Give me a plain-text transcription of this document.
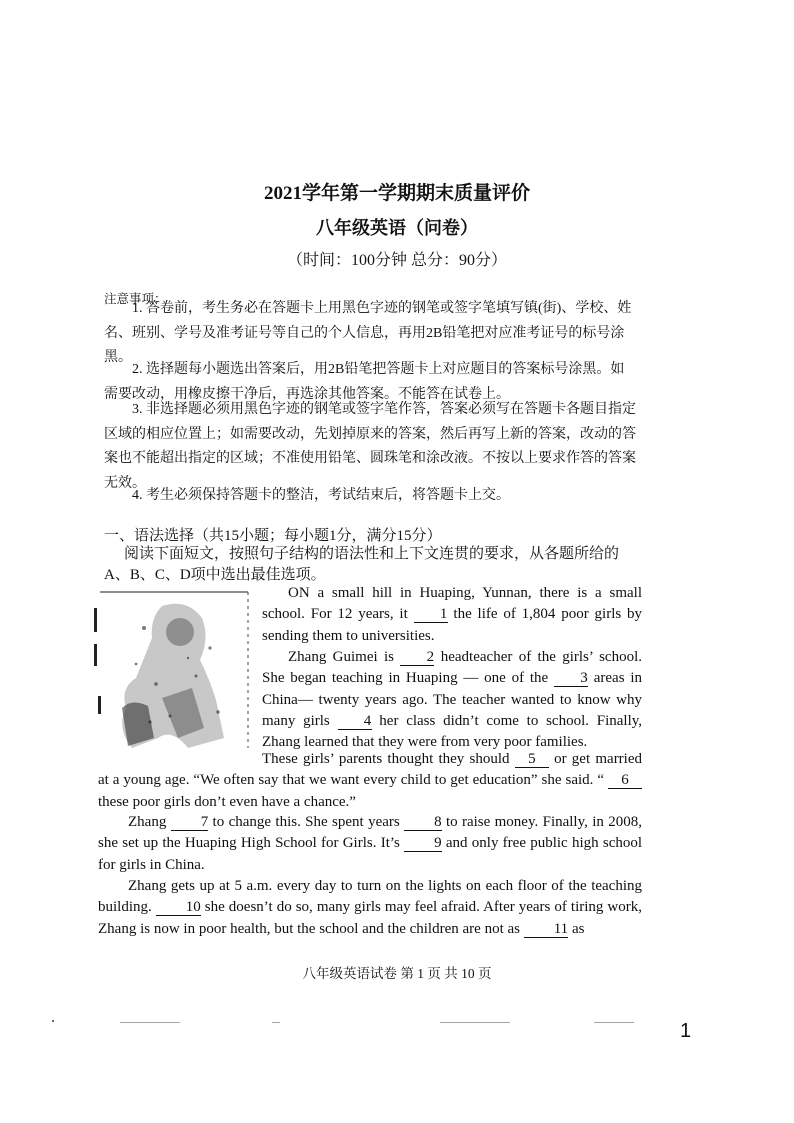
2021学年第一学期期末质量评价
八年级英语（问卷）
（时间：100分钟 总分：90分）
注意事项：
1. 答卷前，考生务必在答题卡上用黑色字迹的钢笔或签字笔填写镇(街)、学校、姓名、班别、学号及准考证号等自己的个人信息，再用2B铅笔把对应准考证号的标号涂黑。
2. 选择题每小题选出答案后，用2B铅笔把答题卡上对应题目的答案标号涂黑。如需要改动，用橡皮擦干净后，再选涂其他答案。不能答在试卷上。
3. 非选择题必须用黑色字迹的钢笔或签字笔作答，答案必须写在答题卡各题目指定区域的相应位置上；如需要改动，先划掉原来的答案，然后再写上新的答案，改动的答案也不能超出指定的区域；不准使用铅笔、圆珠笔和涂改液。不按以上要求作答的答案无效。
4. 考生必须保持答题卡的整洁，考试结束后，将答题卡上交。
一、语法选择（共15小题；每小题1分，满分15分）
阅读下面短文，按照句子结构的语法性和上下文连贯的要求，从各题所给的A、B、C、D项中选出最佳选项。
ON a small hill in Huaping, Yunnan, there is a small school. For 12 years, it 1 the life of 1,804 poor girls by sending them to universities.
Zhang Guimei is 2 headteacher of the girls’ school. She began teaching in Huaping — one of the 3 areas in China— twenty years ago. The teacher wanted to know why many girls 4 her class didn’t come to school. Finally, Zhang learned that they were from very poor families.
These girls’ parents thought they should 5 or get married at a young age. “We often say that we want every child to get education” she said. “ 6 these poor girls don’t even have a chance.”
Zhang 7 to change this. She spent years 8 to raise money. Finally, in 2008, she set up the Huaping High School for Girls. It’s 9 and only free public high school for girls in China.
Zhang gets up at 5 a.m. every day to turn on the lights on each floor of the teaching building. 10 she doesn’t do so, many girls may feel afraid. After years of tiring work, Zhang is now in poor health, but the school and the children are not as 11 as
八年级英语试卷 第 1 页 共 10 页
1
